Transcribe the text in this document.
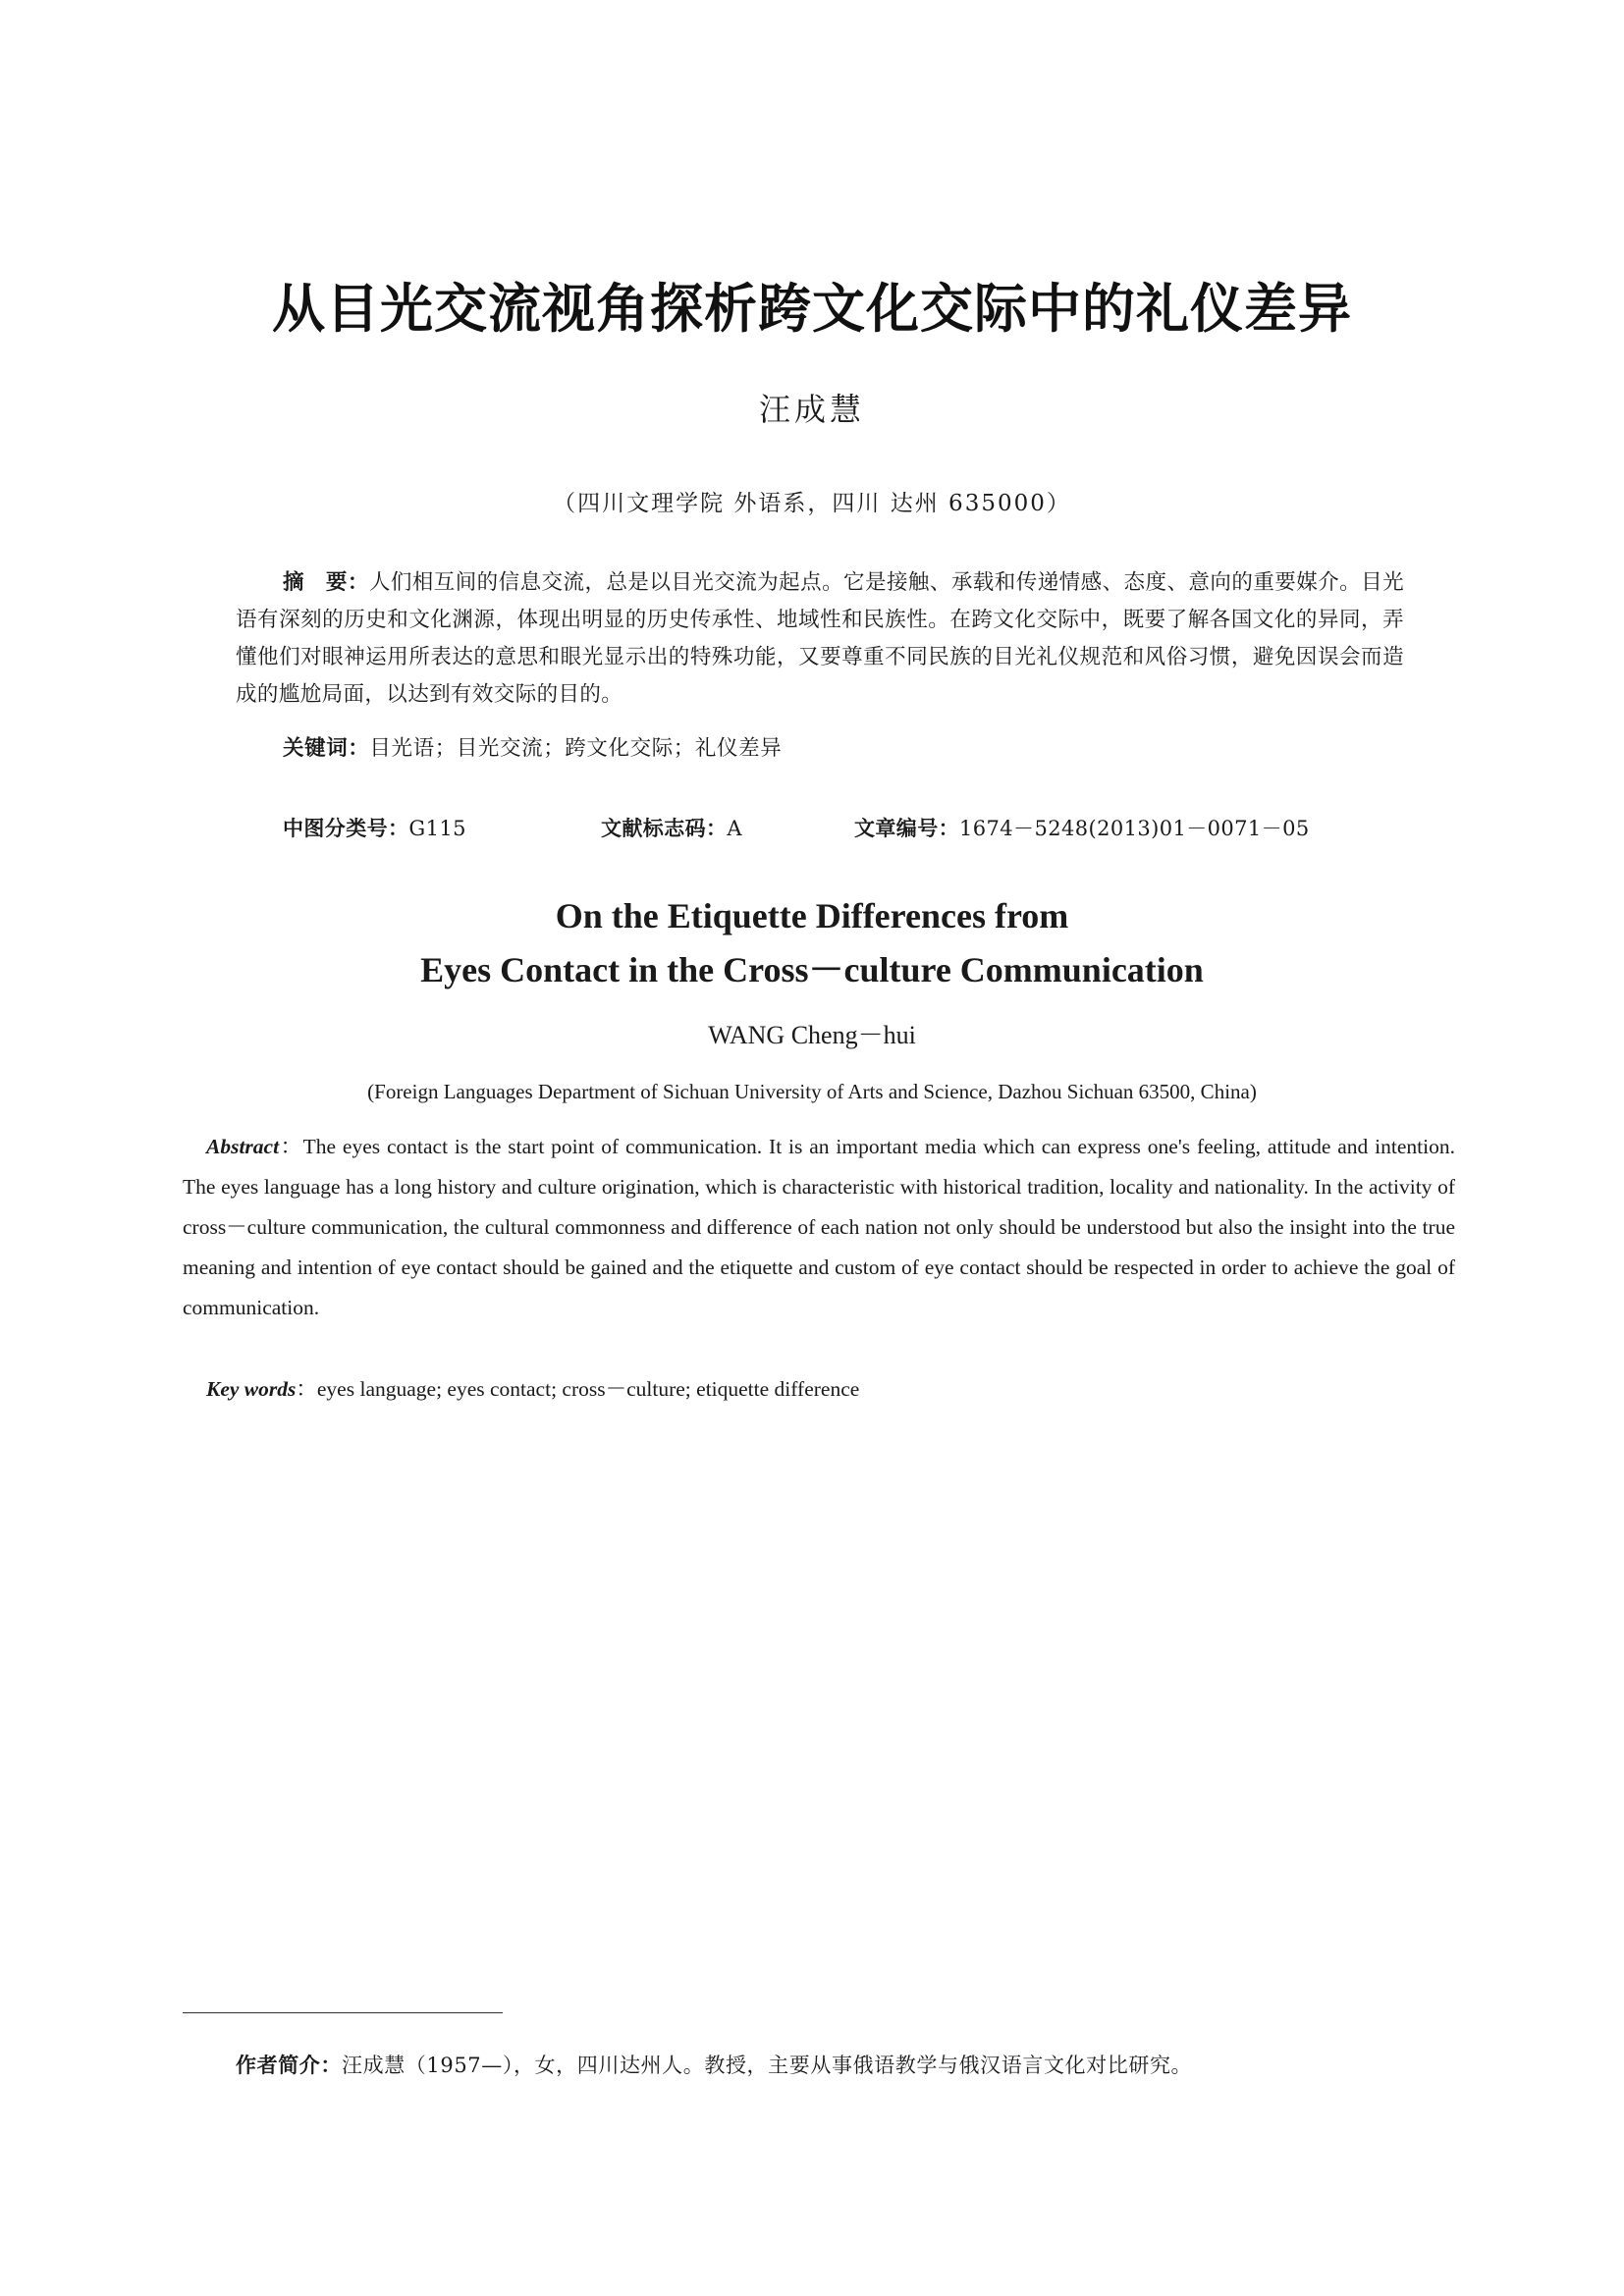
从目光交流视角探析跨文化交际中的礼仪差异
汪成慧
（四川文理学院 外语系，四川 达州 635000）
摘　要：人们相互间的信息交流，总是以目光交流为起点。它是接触、承载和传递情感、态度、意向的重要媒介。目光语有深刻的历史和文化渊源，体现出明显的历史传承性、地域性和民族性。在跨文化交际中，既要了解各国文化的异同，弄懂他们对眼神运用所表达的意思和眼光显示出的特殊功能，又要尊重不同民族的目光礼仪规范和风俗习惯，避免因误会而造成的尴尬局面，以达到有效交际的目的。
关键词：目光语；目光交流；跨文化交际；礼仪差异
中图分类号：G115	文献标志码：A	文章编号：1674－5248(2013)01－0071－05
On the Etiquette Differences from
Eyes Contact in the Cross－culture Communication
WANG Cheng－hui
(Foreign Languages Department of Sichuan University of Arts and Science, Dazhou Sichuan 63500, China)
Abstract：The eyes contact is the start point of communication. It is an important media which can express one's feeling, attitude and intention. The eyes language has a long history and culture origination, which is characteristic with historical tradition, locality and nationality. In the activity of cross－culture communication, the cultural commonness and difference of each nation not only should be understood but also the insight into the true meaning and intention of eye contact should be gained and the etiquette and custom of eye contact should be respected in order to achieve the goal of communication.
Key words：eyes language; eyes contact; cross－culture; etiquette difference
作者简介：汪成慧（1957—），女，四川达州人。教授，主要从事俄语教学与俄汉语言文化对比研究。
